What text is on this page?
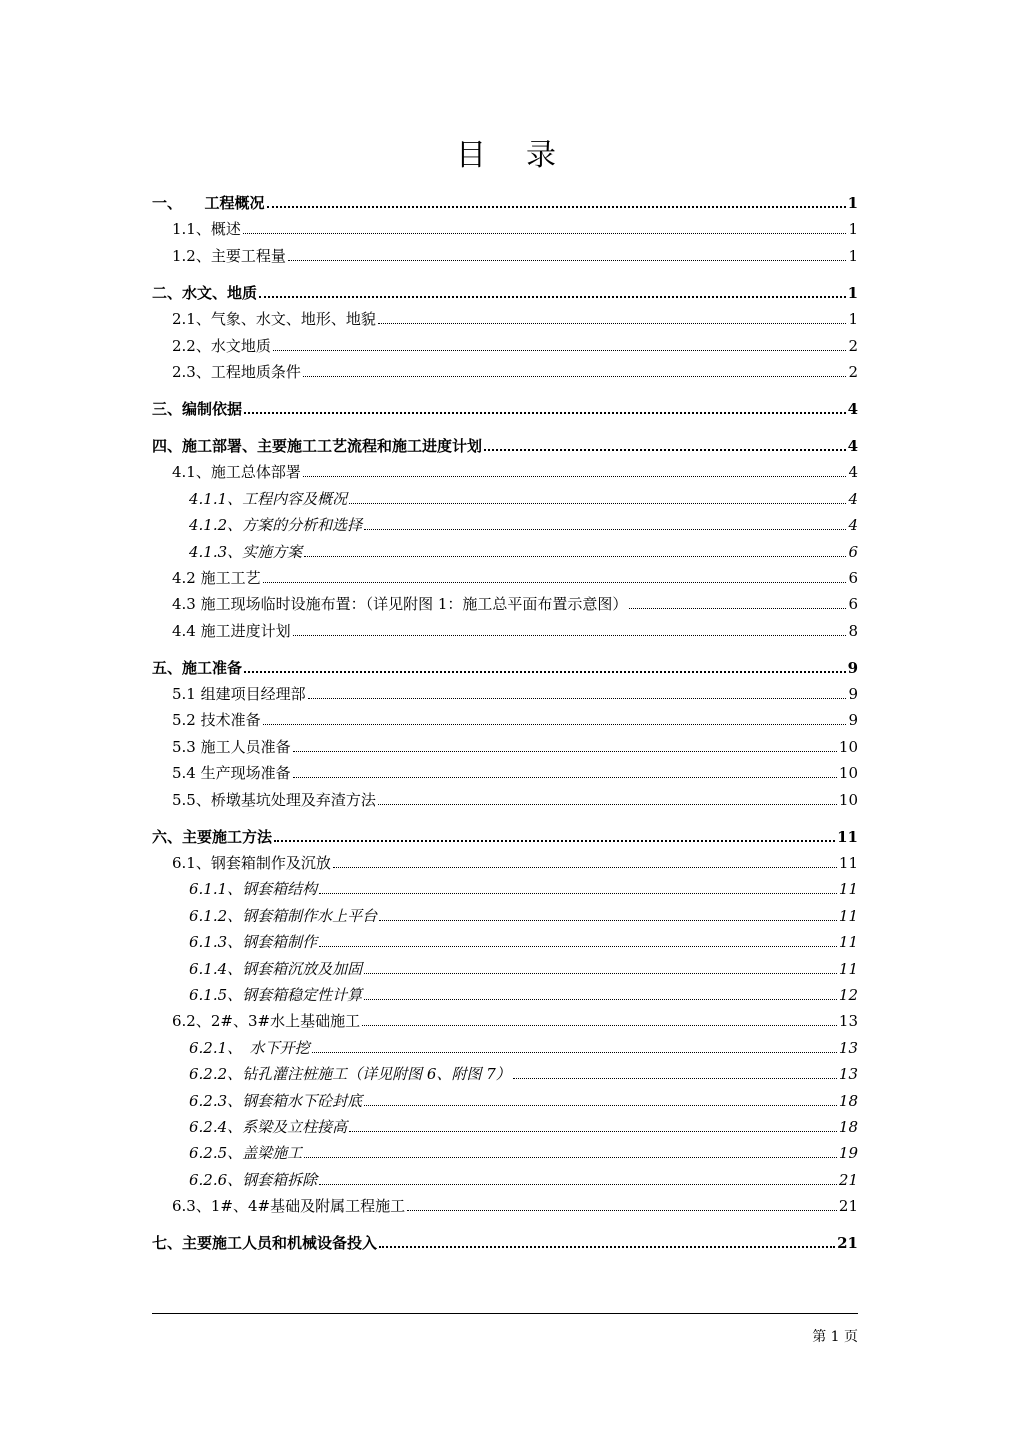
目录
一、　　工程概况	1
1.1、概述	1
1.2、主要工程量	1
二、水文、地质	1
2.1、气象、水文、地形、地貌	1
2.2、水文地质	2
2.3、工程地质条件	2
三、编制依据	4
四、施工部署、主要施工工艺流程和施工进度计划	4
4.1、施工总体部署	4
4.1.1、工程内容及概况	4
4.1.2、方案的分析和选择	4
4.1.3、实施方案	6
4.2 施工工艺	6
4.3 施工现场临时设施布置：（详见附图 1：施工总平面布置示意图）	6
4.4 施工进度计划	8
五、施工准备	9
5.1 组建项目经理部	9
5.2 技术准备	9
5.3 施工人员准备	10
5.4 生产现场准备	10
5.5、桥墩基坑处理及弃渣方法	10
六、主要施工方法	11
6.1、钢套箱制作及沉放	11
6.1.1、钢套箱结构	11
6.1.2、钢套箱制作水上平台	11
6.1.3、钢套箱制作	11
6.1.4、钢套箱沉放及加固	11
6.1.5、钢套箱稳定性计算	12
6.2、2#、3#水上基础施工	13
6.2.1、　水下开挖	13
6.2.2、钻孔灌注桩施工（详见附图 6、附图 7）	13
6.2.3、钢套箱水下砼封底	18
6.2.4、系梁及立柱接高	18
6.2.5、盖梁施工	19
6.2.6、钢套箱拆除	21
6.3、1#、4#基础及附属工程施工	21
七、主要施工人员和机械设备投入	21
第 1 页
